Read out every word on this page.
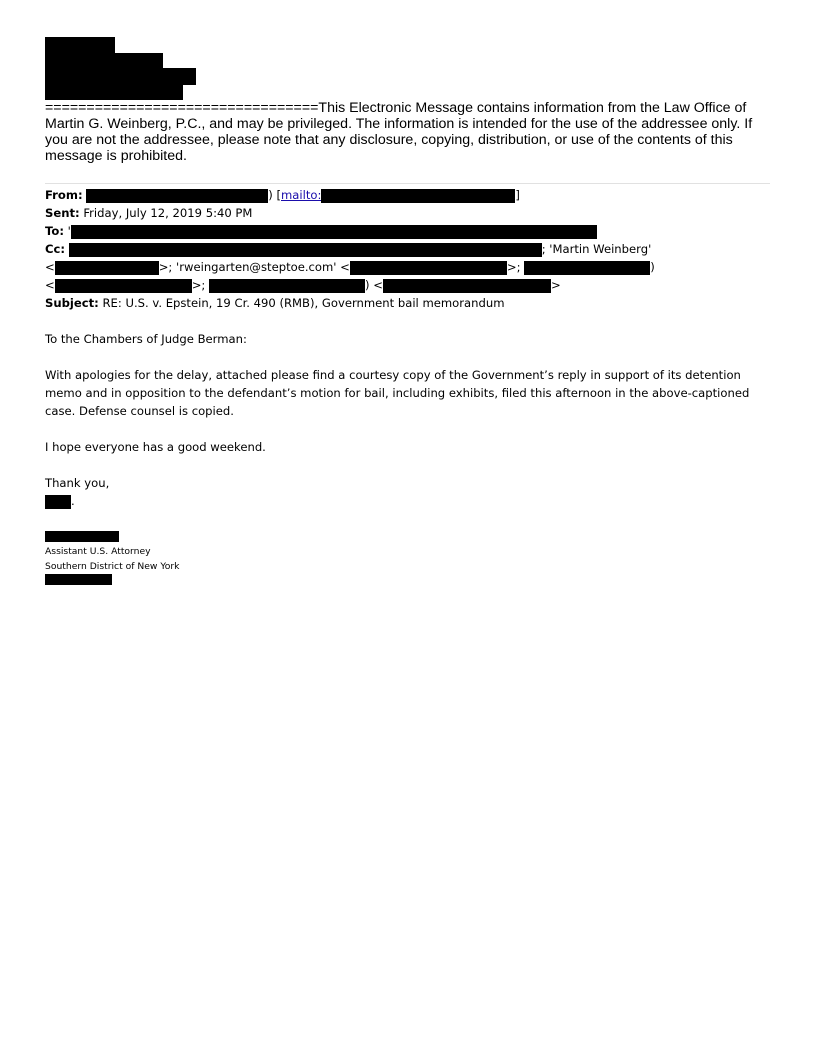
=================================This Electronic Message contains information from the Law Office of Martin G. Weinberg, P.C., and may be privileged. The information is intended for the use of the addressee only. If you are not the addressee, please note that any disclosure, copying, distribution, or use of the contents of this message is prohibited.
From:	) [mailto:	]
Sent: Friday, July 12, 2019 5:40 PM
To: '
Cc:	; 'Martin Weinberg'
<	>; 'rweingarten@steptoe.com' <	>;	)
<	>;	) <	>
Subject: RE: U.S. v. Epstein, 19 Cr. 490 (RMB), Government bail memorandum

To the Chambers of Judge Berman:

With apologies for the delay, attached please find a courtesy copy of the Government’s reply in support of its detention memo and in opposition to the defendant’s motion for bail, including exhibits, filed this afternoon in the above-captioned case. Defense counsel is copied.

I hope everyone has a good weekend.

Thank you,

.
Assistant U.S. Attorney
Southern District of New York
